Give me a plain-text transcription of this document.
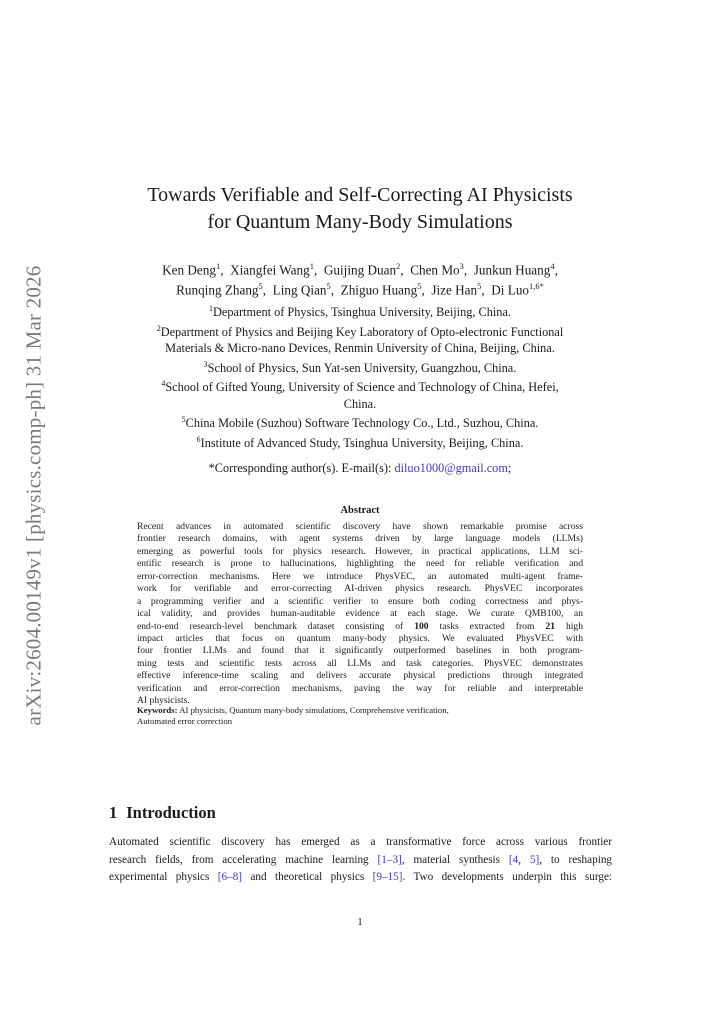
arXiv:2604.00149v1 [physics.comp-ph] 31 Mar 2026
Towards Verifiable and Self-Correcting AI Physicists
for Quantum Many-Body Simulations
Ken Deng$^1$,  Xiangfei Wang$^1$,  Guijing Duan$^2$,  Chen Mo$^3$,  Junkun Huang$^4$,
Runqing Zhang$^5$,  Ling Qian$^5$,  Zhiguo Huang$^5$,  Jize Han$^5$,  Di Luo$^{1,6*}$
$^1$Department of Physics, Tsinghua University, Beijing, China.
$^2$Department of Physics and Beijing Key Laboratory of Opto-electronic Functional
Materials & Micro-nano Devices, Renmin University of China, Beijing, China.
$^3$School of Physics, Sun Yat-sen University, Guangzhou, China.
$^4$School of Gifted Young, University of Science and Technology of China, Hefei,
China.
$^5$China Mobile (Suzhou) Software Technology Co., Ltd., Suzhou, China.
$^6$Institute of Advanced Study, Tsinghua University, Beijing, China.
*Corresponding author(s). E-mail(s): diluo1000@gmail.com;
Abstract
Recent advances in automated scientific discovery have shown remarkable promise across
frontier research domains, with agent systems driven by large language models (LLMs)
emerging as powerful tools for physics research. However, in practical applications, LLM sci-
entific research is prone to hallucinations, highlighting the need for reliable verification and
error-correction mechanisms. Here we introduce PhysVEC, an automated multi-agent frame-
work for verifiable and error-correcting AI-driven physics research. PhysVEC incorporates
a programming verifier and a scientific verifier to ensure both coding correctness and phys-
ical validity, and provides human-auditable evidence at each stage. We curate QMB100, an
end-to-end research-level benchmark dataset consisting of 100 tasks extracted from 21 high
impact articles that focus on quantum many-body physics. We evaluated PhysVEC with
four frontier LLMs and found that it significantly outperformed baselines in both program-
ming tests and scientific tests across all LLMs and task categories. PhysVEC demonstrates
effective inference-time scaling and delivers accurate physical predictions through integrated
verification and error-correction mechanisms, paving the way for reliable and interpretable
AI physicists.
Keywords: AI physicists, Quantum many-body simulations, Comprehensive verification,
Automated error correction
1 Introduction
Automated scientific discovery has emerged as a transformative force across various frontier
research fields, from accelerating machine learning [1–3], material synthesis [4, 5], to reshaping
experimental physics [6–8] and theoretical physics [9–15]. Two developments underpin this surge:
1
